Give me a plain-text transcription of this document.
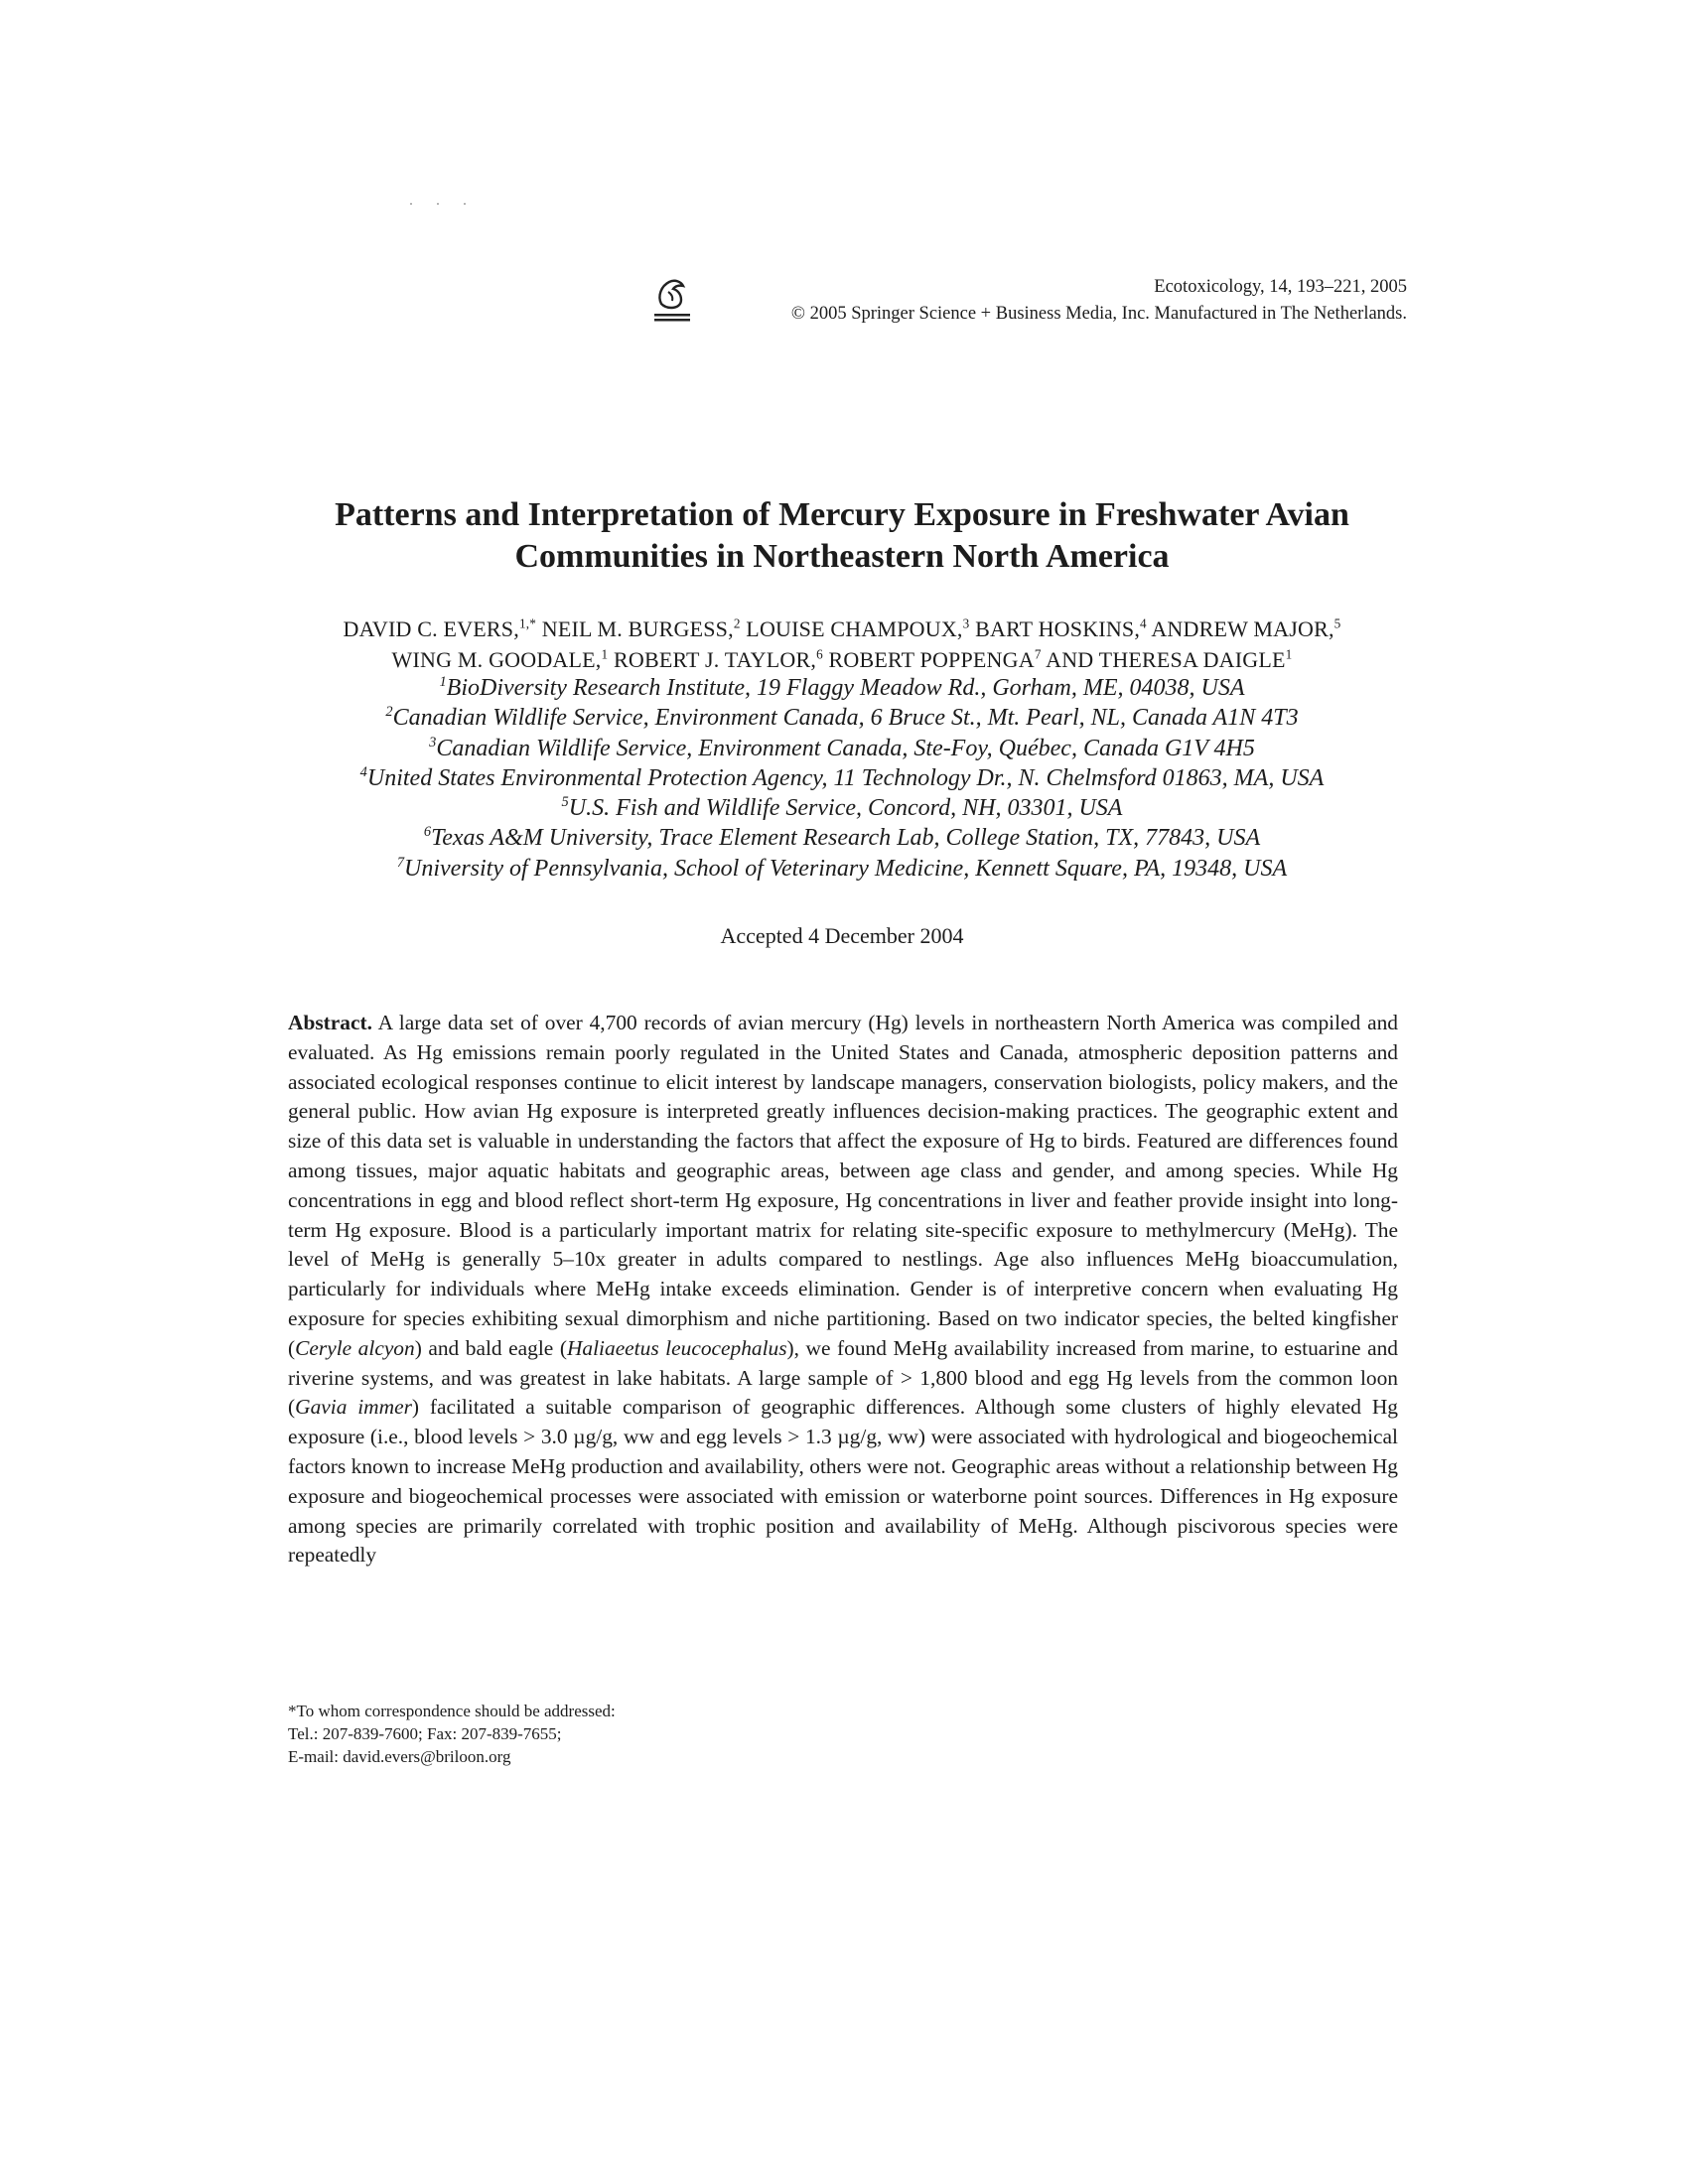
· · ·
Ecotoxicology, 14, 193–221, 2005
© 2005 Springer Science + Business Media, Inc. Manufactured in The Netherlands.
Patterns and Interpretation of Mercury Exposure in Freshwater Avian
Communities in Northeastern North America
DAVID C. EVERS,$^{1,*}$ NEIL M. BURGESS,$^2$ LOUISE CHAMPOUX,$^3$ BART HOSKINS,$^4$ ANDREW MAJOR,$^5$
WING M. GOODALE,$^1$ ROBERT J. TAYLOR,$^6$ ROBERT POPPENGA$^7$ AND THERESA DAIGLE$^1$
$^1$BioDiversity Research Institute, 19 Flaggy Meadow Rd., Gorham, ME, 04038, USA
$^2$Canadian Wildlife Service, Environment Canada, 6 Bruce St., Mt. Pearl, NL, Canada A1N 4T3
$^3$Canadian Wildlife Service, Environment Canada, Ste-Foy, Québec, Canada G1V 4H5
$^4$United States Environmental Protection Agency, 11 Technology Dr., N. Chelmsford 01863, MA, USA
$^5$U.S. Fish and Wildlife Service, Concord, NH, 03301, USA
$^6$Texas A&M University, Trace Element Research Lab, College Station, TX, 77843, USA
$^7$University of Pennsylvania, School of Veterinary Medicine, Kennett Square, PA, 19348, USA
Accepted 4 December 2004
Abstract. A large data set of over 4,700 records of avian mercury (Hg) levels in northeastern North America was compiled and evaluated. As Hg emissions remain poorly regulated in the United States and Canada, atmospheric deposition patterns and associated ecological responses continue to elicit interest by landscape managers, conservation biologists, policy makers, and the general public. How avian Hg exposure is interpreted greatly influences decision-making practices. The geographic extent and size of this data set is valuable in understanding the factors that affect the exposure of Hg to birds. Featured are differences found among tissues, major aquatic habitats and geographic areas, between age class and gender, and among species. While Hg concentrations in egg and blood reflect short-term Hg exposure, Hg concentrations in liver and feather provide insight into long-term Hg exposure. Blood is a particularly important matrix for relating site-specific exposure to methylmercury (MeHg). The level of MeHg is generally 5–10x greater in adults compared to nestlings. Age also influences MeHg bioaccumulation, particularly for individuals where MeHg intake exceeds elimination. Gender is of interpretive concern when evaluating Hg exposure for species exhibiting sexual dimorphism and niche partitioning. Based on two indicator species, the belted kingfisher (Ceryle alcyon) and bald eagle (Haliaeetus leucocephalus), we found MeHg availability increased from marine, to estuarine and riverine systems, and was greatest in lake habitats. A large sample of > 1,800 blood and egg Hg levels from the common loon (Gavia immer) facilitated a suitable comparison of geographic differences. Although some clusters of highly elevated Hg exposure (i.e., blood levels > 3.0 µg/g, ww and egg levels > 1.3 µg/g, ww) were associated with hydrological and biogeochemical factors known to increase MeHg production and availability, others were not. Geographic areas without a relationship between Hg exposure and biogeochemical processes were associated with emission or waterborne point sources. Differences in Hg exposure among species are primarily correlated with trophic position and availability of MeHg. Although piscivorous species were repeatedly
*To whom correspondence should be addressed:
Tel.: 207-839-7600; Fax: 207-839-7655;
E-mail: david.evers@briloon.org
